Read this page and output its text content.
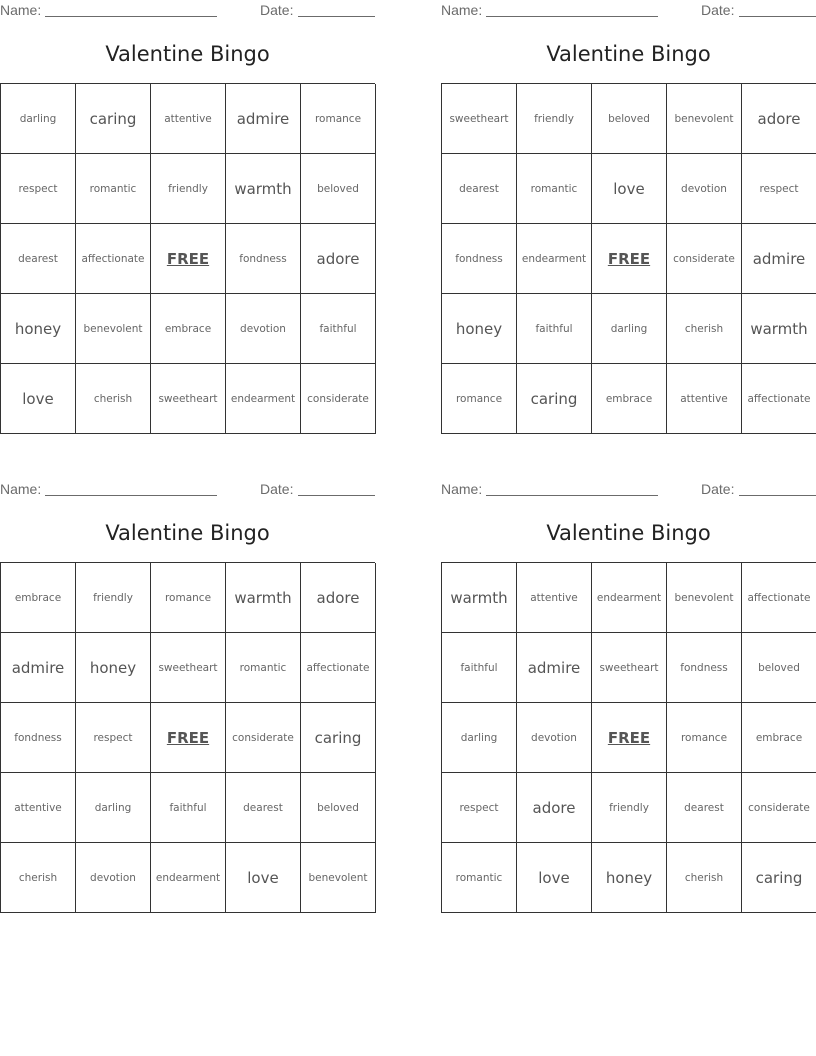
Name:	Date:
Valentine Bingo
darling	caring	attentive	admire	romance
respect	romantic	friendly	warmth	beloved
dearest	affectionate	FREE	fondness	adore
honey	benevolent	embrace	devotion	faithful
love	cherish	sweetheart	endearment	considerate
Name:	Date:
Valentine Bingo
sweetheart	friendly	beloved	benevolent	adore
dearest	romantic	love	devotion	respect
fondness	endearment	FREE	considerate	admire
honey	faithful	darling	cherish	warmth
romance	caring	embrace	attentive	affectionate
Name:	Date:
Valentine Bingo
embrace	friendly	romance	warmth	adore
admire	honey	sweetheart	romantic	affectionate
fondness	respect	FREE	considerate	caring
attentive	darling	faithful	dearest	beloved
cherish	devotion	endearment	love	benevolent
Name:	Date:
Valentine Bingo
warmth	attentive	endearment	benevolent	affectionate
faithful	admire	sweetheart	fondness	beloved
darling	devotion	FREE	romance	embrace
respect	adore	friendly	dearest	considerate
romantic	love	honey	cherish	caring
